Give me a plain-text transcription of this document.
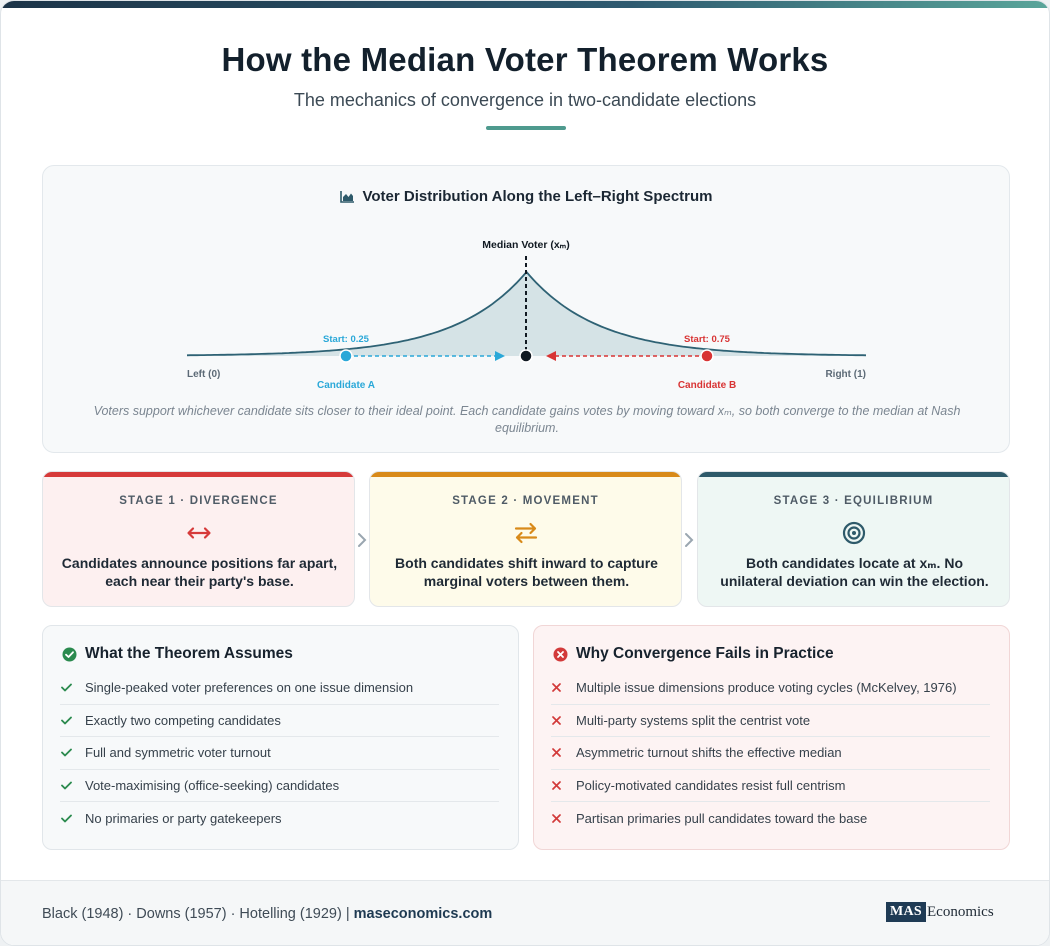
How the Median Voter Theorem Works
The mechanics of convergence in two-candidate elections
Median Voter (xₘ)
Start: 0.25	Start: 0.75
Left (0)	Right (1)
Candidate A	Candidate B
Voter Distribution Along the Left–Right Spectrum
Voters support whichever candidate sits closer to their ideal point. Each candidate gains votes by moving toward xₘ, so both converge to the median at Nash equilibrium.
STAGE 1 · DIVERGENCE
Candidates announce positions far apart, each near their party's base.
STAGE 2 · MOVEMENT
Both candidates shift inward to capture marginal voters between them.
STAGE 3 · EQUILIBRIUM
Both candidates locate at xₘ. No unilateral deviation can win the election.
What the Theorem Assumes
Single-peaked voter preferences on one issue dimension
Exactly two competing candidates
Full and symmetric voter turnout
Vote-maximising (office-seeking) candidates
No primaries or party gatekeepers
Why Convergence Fails in Practice
Multiple issue dimensions produce voting cycles (McKelvey, 1976)
Multi-party systems split the centrist vote
Asymmetric turnout shifts the effective median
Policy-motivated candidates resist full centrism
Partisan primaries pull candidates toward the base
Black (1948) · Downs (1957) · Hotelling (1929) | maseconomics.com	MAS Economics
